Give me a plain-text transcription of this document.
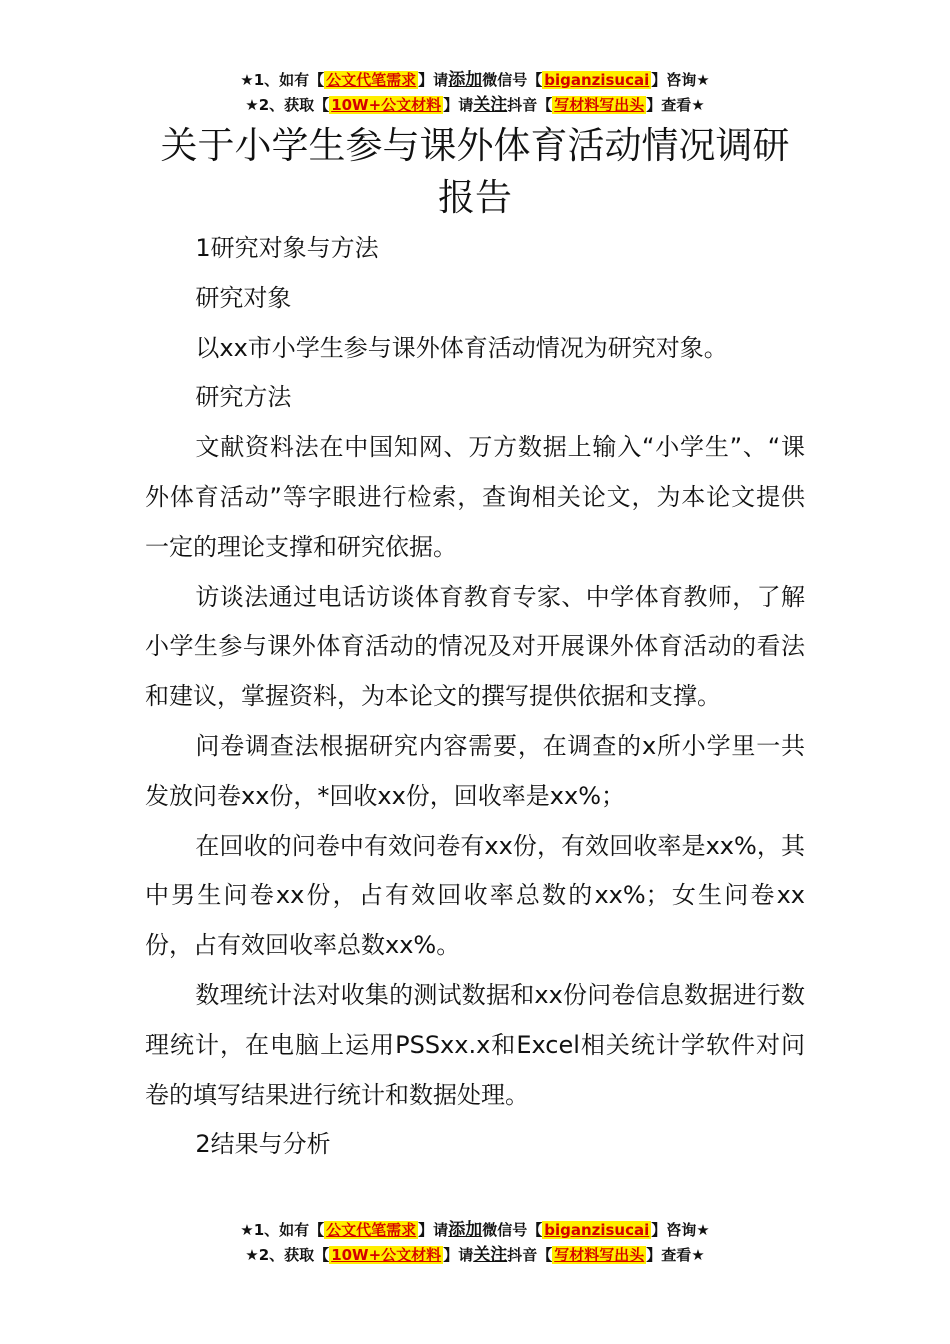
★1、如有【 公文代笔需求 】请添加微信号【 biganzisucai 】咨询★
★2、获取【 10W+公文材料 】请关注抖音【 写材料写出头 】查看★
关于小学生参与课外体育活动情况调研报告

1研究对象与方法

研究对象

以xx市小学生参与课外体育活动情况为研究对象。

研究方法

文献资料法在中国知网、万方数据上输入“小学生”、“课外体育活动”等字眼进行检索，查询相关论文，为本论文提供一定的理论支撑和研究依据。

访谈法通过电话访谈体育教育专家、中学体育教师，了解小学生参与课外体育活动的情况及对开展课外体育活动的看法和建议，掌握资料，为本论文的撰写提供依据和支撑。

问卷调查法根据研究内容需要，在调查的x所小学里一共发放问卷xx份，*回收xx份，回收率是xx%；

在回收的问卷中有效问卷有xx份，有效回收率是xx%，其中男生问卷xx份，占有效回收率总数的xx%；女生问卷xx份，占有效回收率总数xx%。

数理统计法对收集的测试数据和xx份问卷信息数据进行数理统计，在电脑上运用PSSxx.x和Excel相关统计学软件对问卷的填写结果进行统计和数据处理。

2结果与分析

★1、如有【 公文代笔需求 】请添加微信号【 biganzisucai 】咨询★
★2、获取【 10W+公文材料 】请关注抖音【 写材料写出头 】查看★
